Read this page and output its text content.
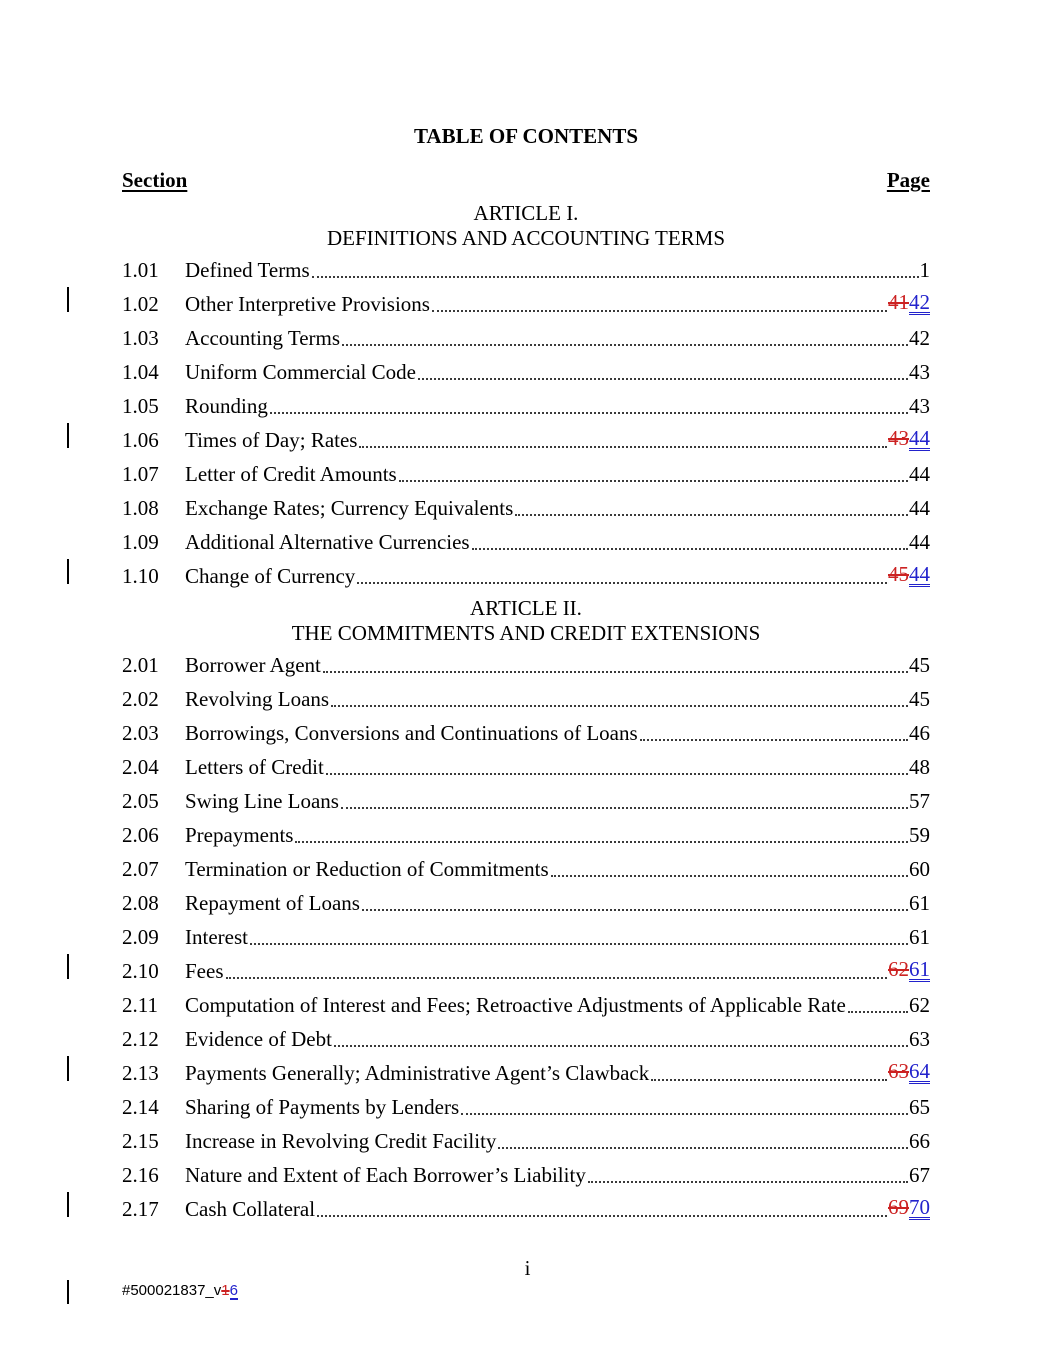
TABLE OF CONTENTS
Section	Page
ARTICLE I.
DEFINITIONS AND ACCOUNTING TERMS
1.01	Defined Terms	1
1.02	Other Interpretive Provisions	4142
1.03	Accounting Terms	42
1.04	Uniform Commercial Code	43
1.05	Rounding	43
1.06	Times of Day; Rates	4344
1.07	Letter of Credit Amounts	44
1.08	Exchange Rates; Currency Equivalents	44
1.09	Additional Alternative Currencies	44
1.10	Change of Currency	4544
ARTICLE II.
THE COMMITMENTS AND CREDIT EXTENSIONS
2.01	Borrower Agent	45
2.02	Revolving Loans	45
2.03	Borrowings, Conversions and Continuations of Loans	46
2.04	Letters of Credit	48
2.05	Swing Line Loans	57
2.06	Prepayments	59
2.07	Termination or Reduction of Commitments	60
2.08	Repayment of Loans	61
2.09	Interest	61
2.10	Fees	6261
2.11	Computation of Interest and Fees; Retroactive Adjustments of Applicable Rate	62
2.12	Evidence of Debt	63
2.13	Payments Generally; Administrative Agent’s Clawback	6364
2.14	Sharing of Payments by Lenders	65
2.15	Increase in Revolving Credit Facility	66
2.16	Nature and Extent of Each Borrower’s Liability	67
2.17	Cash Collateral	6970
i
#500021837_v16
